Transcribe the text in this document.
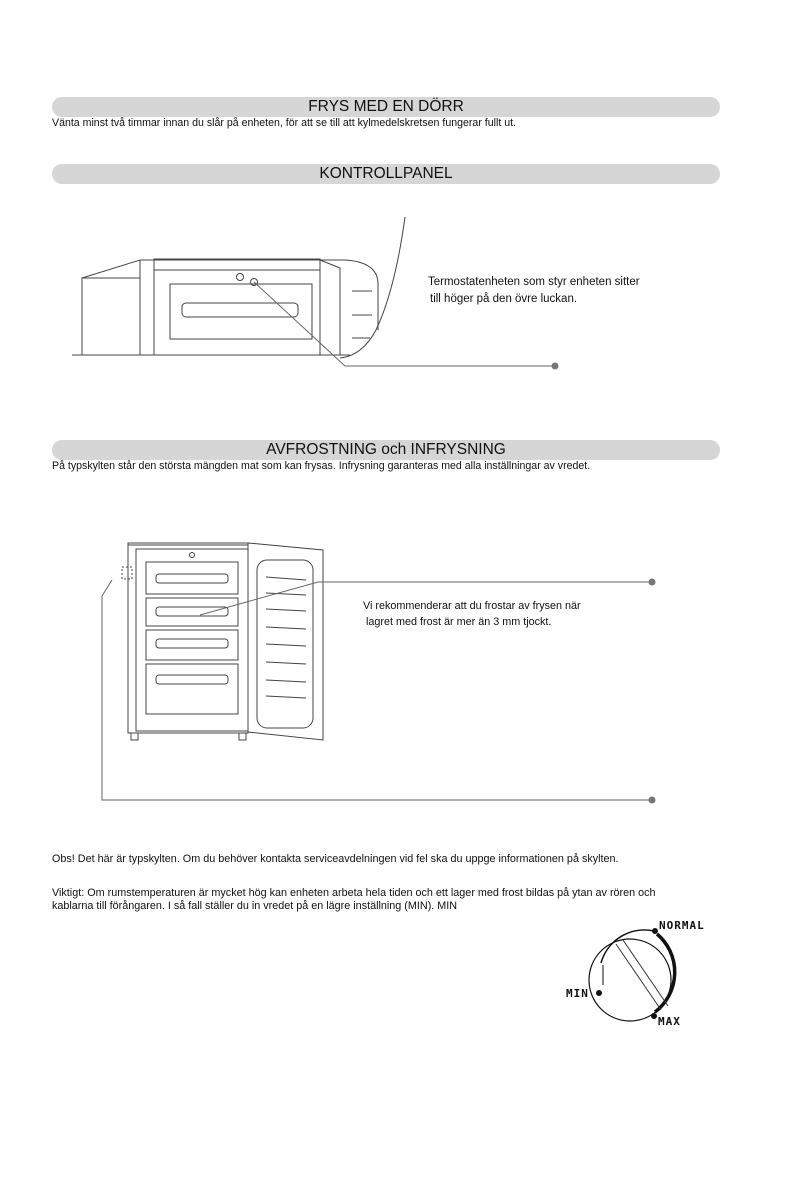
FRYS MED EN DÖRR
Vänta minst två timmar innan du slår på enheten, för att se till att kylmedelskretsen fungerar fullt ut.
KONTROLLPANEL
Termostatenheten som styr enheten sitter
till höger på den övre luckan.
AVFROSTNING och INFRYSNING
På typskylten står den största mängden mat som kan frysas. Infrysning garanteras med alla inställningar av vredet.
Vi rekommenderar att du frostar av frysen när
lagret med frost är mer än 3 mm tjockt.
Obs! Det här är typskylten. Om du behöver kontakta serviceavdelningen vid fel ska du uppge informationen på skylten.
Viktigt: Om rumstemperaturen är mycket hög kan enheten arbeta hela tiden och ett lager med frost bildas på ytan av rören och
kablarna till förångaren. I så fall ställer du in vredet på en lägre inställning (MIN). MIN
NORMAL
MIN
MAX
